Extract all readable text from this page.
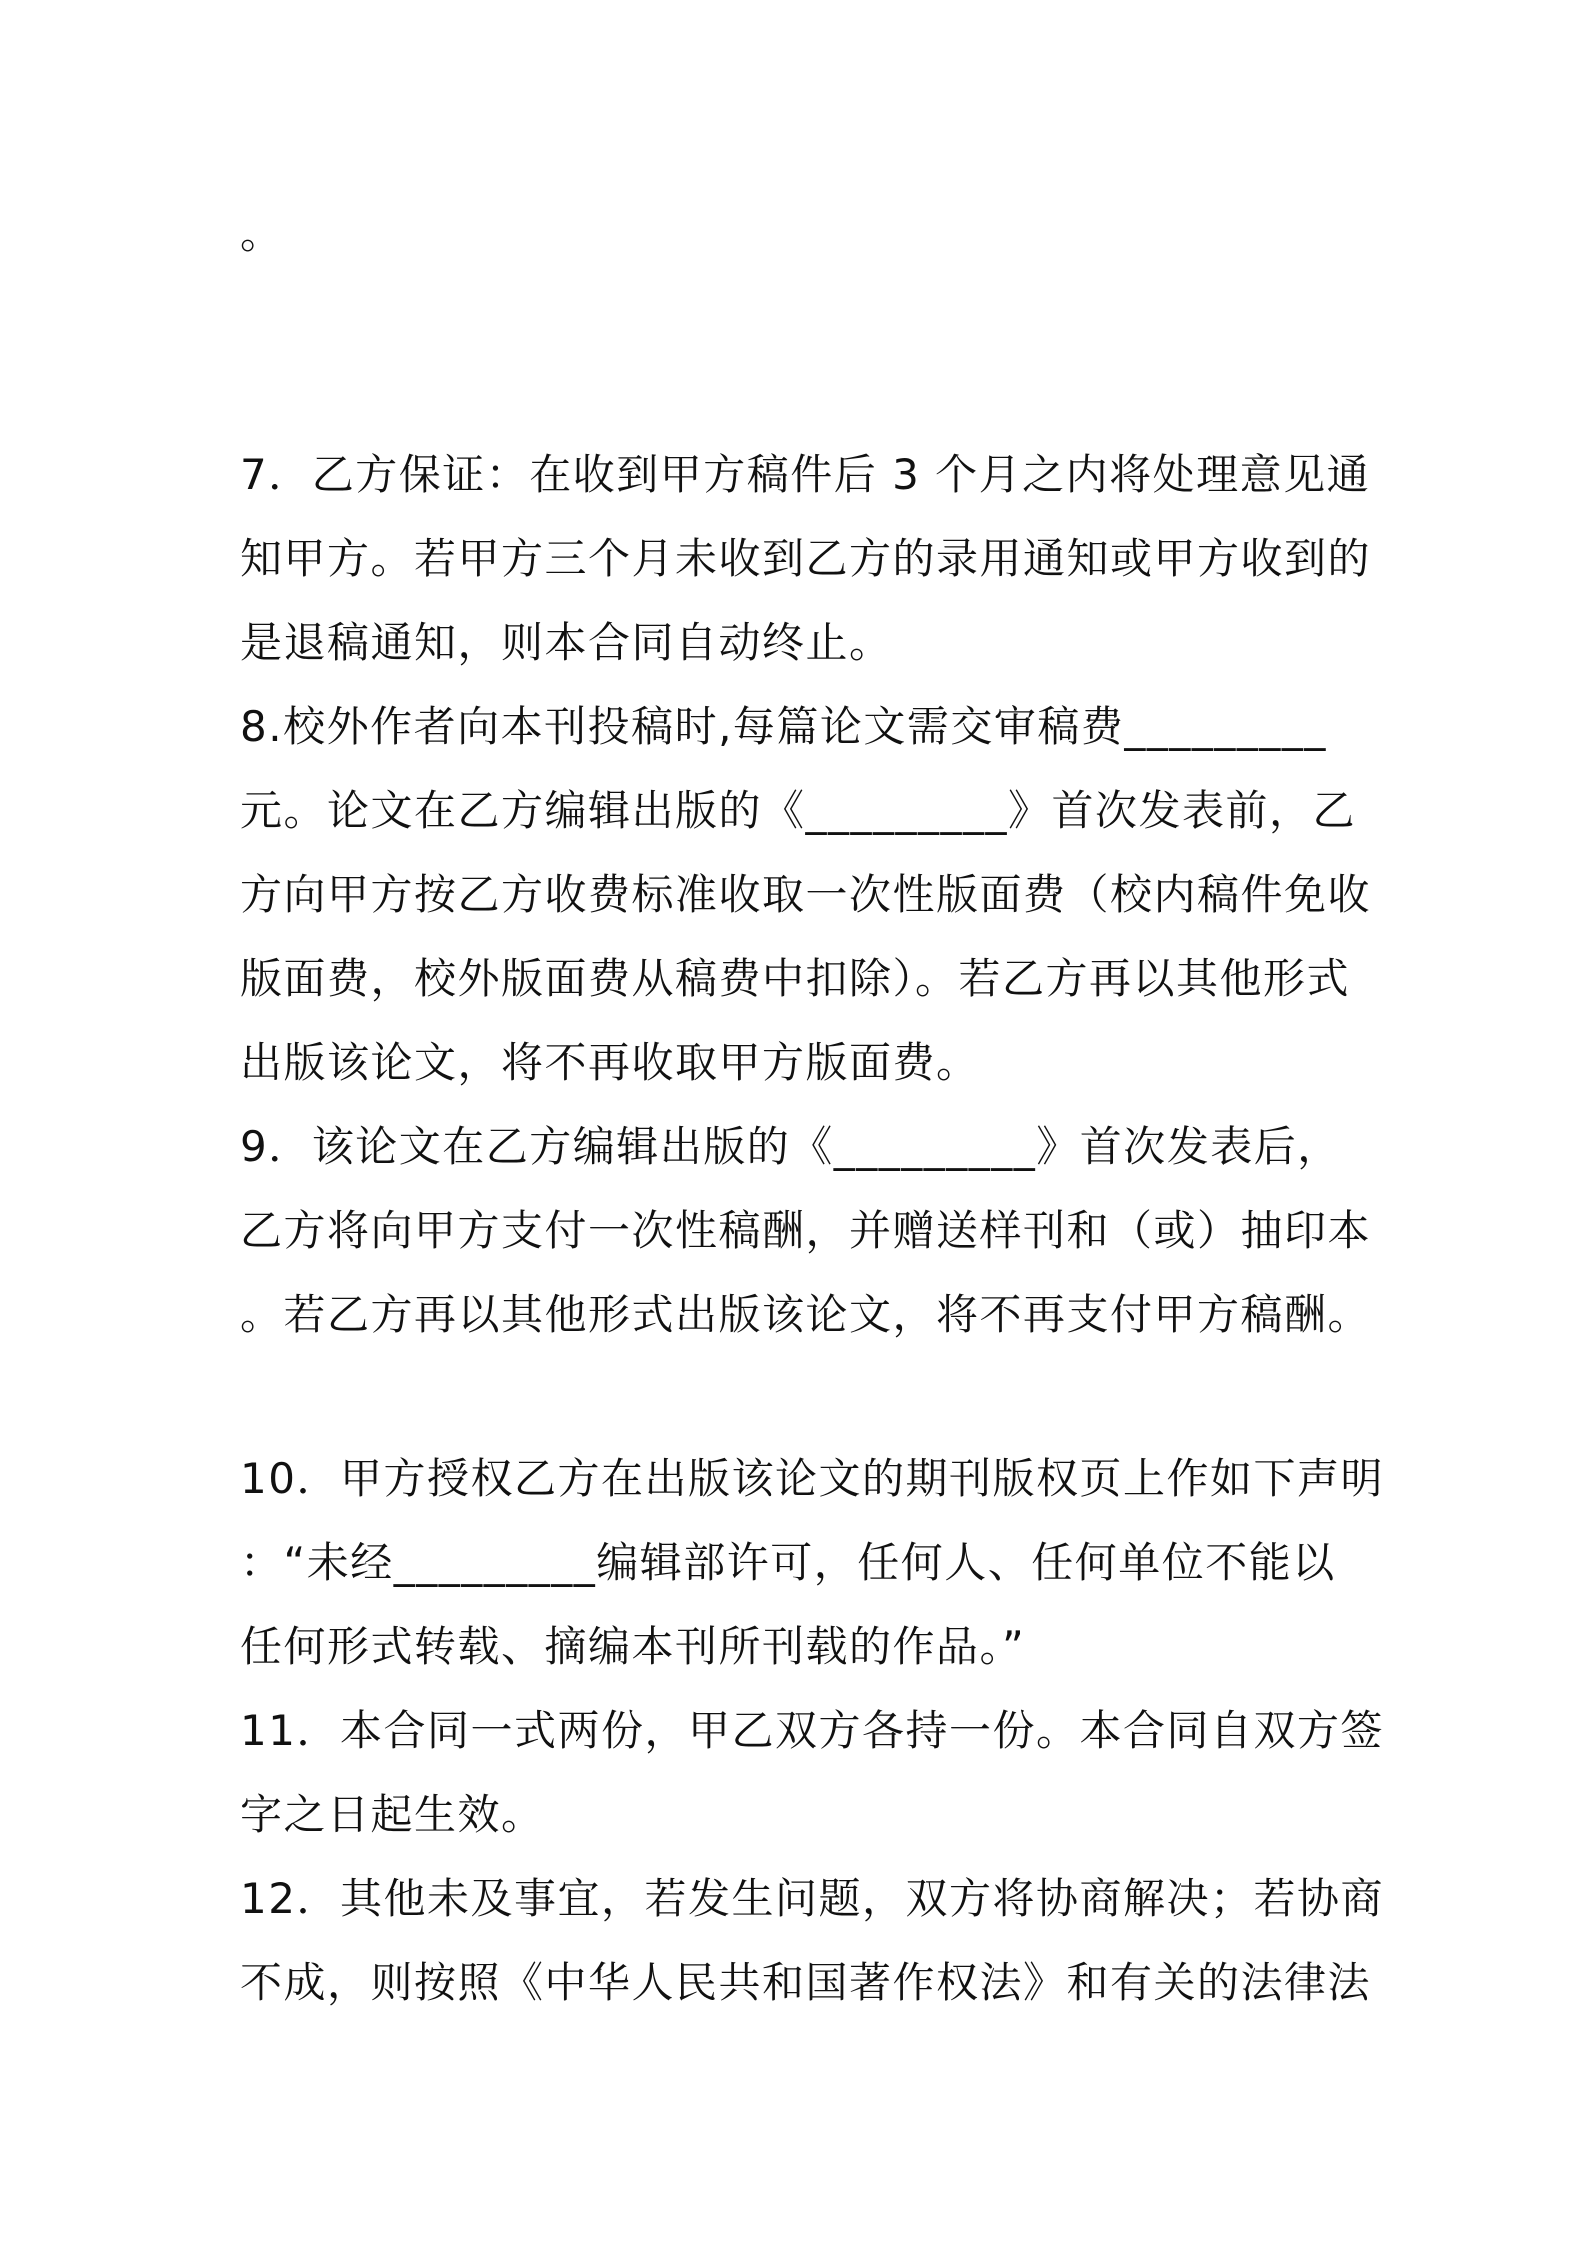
。
7．乙方保证：在收到甲方稿件后 3 个月之内将处理意见通
知甲方。若甲方三个月未收到乙方的录用通知或甲方收到的
是退稿通知，则本合同自动终止。
8.校外作者向本刊投稿时,每篇论文需交审稿费_________
元。论文在乙方编辑出版的《_________》首次发表前，乙
方向甲方按乙方收费标准收取一次性版面费（校内稿件免收
版面费，校外版面费从稿费中扣除）。若乙方再以其他形式
出版该论文，将不再收取甲方版面费。
9．该论文在乙方编辑出版的《_________》首次发表后，
乙方将向甲方支付一次性稿酬，并赠送样刊和（或）抽印本
。若乙方再以其他形式出版该论文，将不再支付甲方稿酬。
10．甲方授权乙方在出版该论文的期刊版权页上作如下声明
：“未经_________编辑部许可，任何人、任何单位不能以
任何形式转载、摘编本刊所刊载的作品。”
11．本合同一式两份，甲乙双方各持一份。本合同自双方签
字之日起生效。
12．其他未及事宜，若发生问题，双方将协商解决；若协商
不成，则按照《中华人民共和国著作权法》和有关的法律法
